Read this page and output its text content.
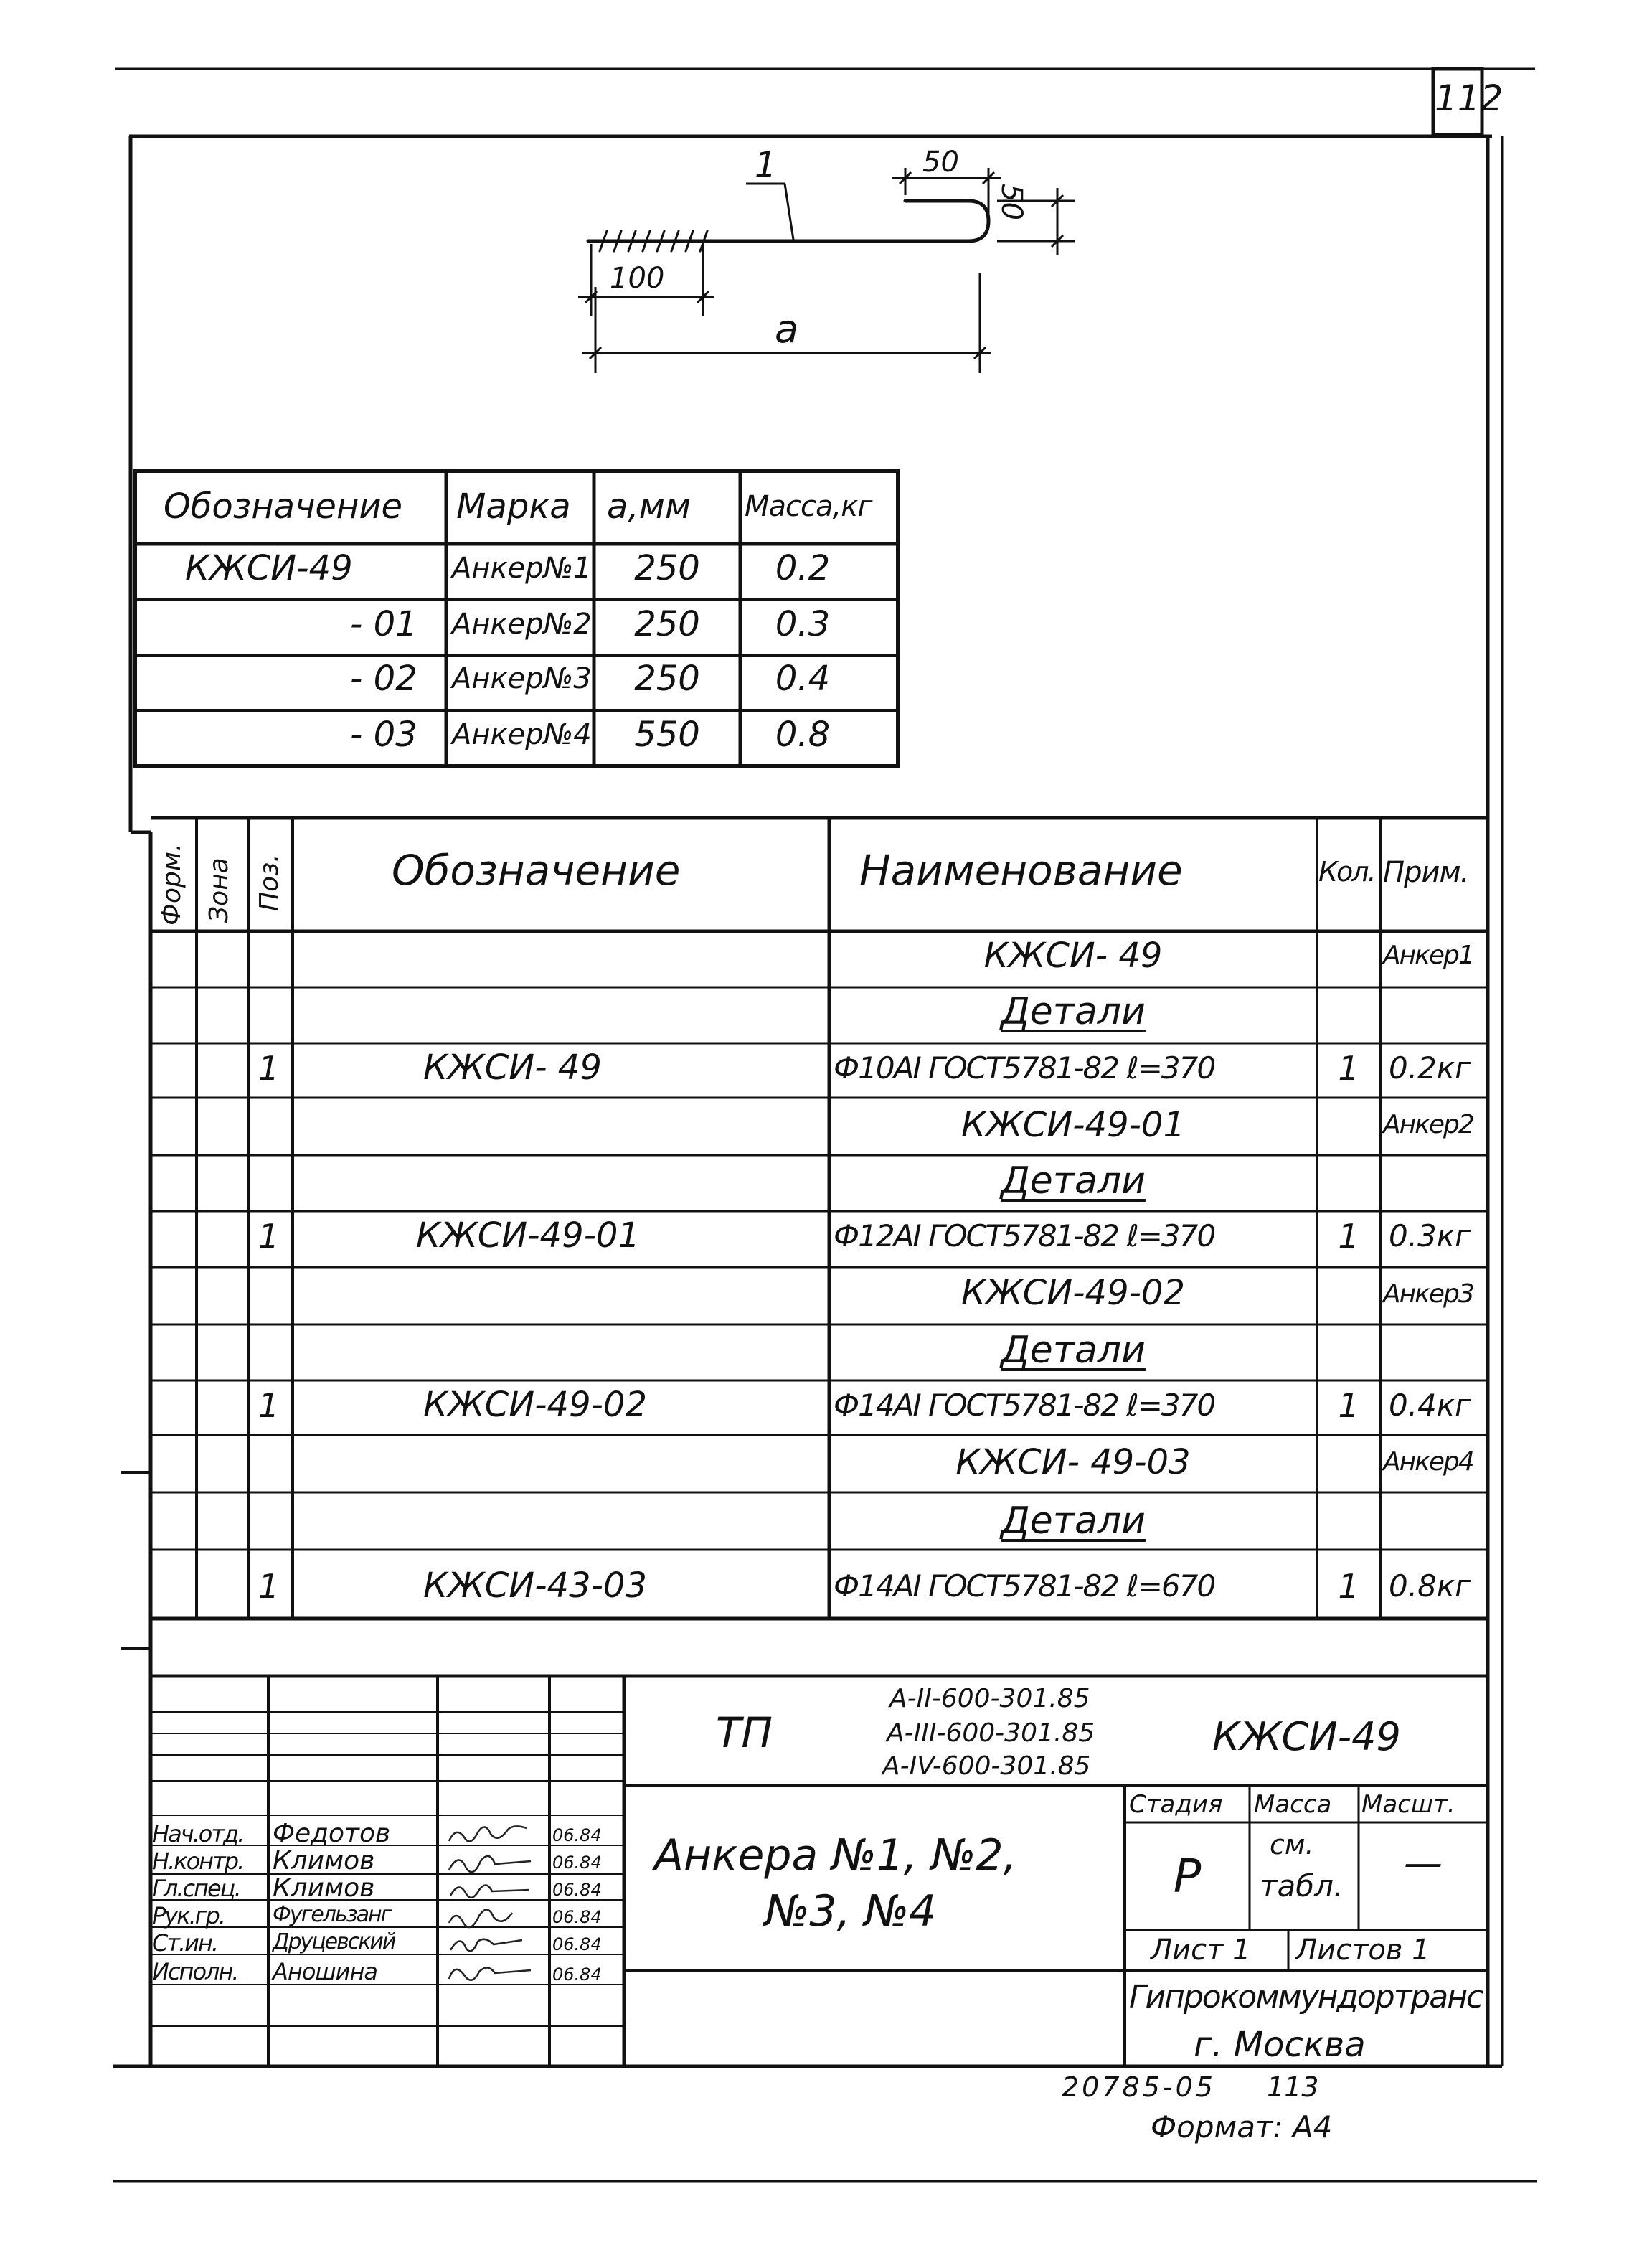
112
1	50
50
100
a
Обозначение Марка а,мм Масса,кг
КЖСИ-49	Анкер№1	250	0.2
- 01 Анкер№2	250	0.3
- 02 Анкер№3	250	0.4
- 03 Анкер№4	550	0.8
Форм. Зона Поз.	Обозначение	Наименование	Кол. Прим.
КЖСИ- 49	Анкер1
Детали
1	КЖСИ- 49	Ф10АI ГОСТ5781-82 ℓ=370	1 0.2кг
КЖСИ-49-01	Анкер2
Детали
1	КЖСИ-49-01	Ф12АI ГОСТ5781-82 ℓ=370	1 0.3кг
КЖСИ-49-02	Анкер3
Детали
1	КЖСИ-49-02	Ф14АI ГОСТ5781-82 ℓ=370	1 0.4кг
КЖСИ- 49-03	Анкер4
Детали
1	КЖСИ-43-03	Ф14АI ГОСТ5781-82 ℓ=670	1 0.8кг
ТП
А-II-600-301.85
А-III-600-301.85
А-IV-600-301.85
КЖСИ-49
Анкера №1, №2,
№3, №4
Стадия Масса Масшт.
Р
см.
табл.
—
Лист 1 Листов 1
Гипрокоммундортранс
г. Москва
Нач.отд. Федотов	06.84
Н.контр. Климов	06.84
Гл.спец. Климов	06.84
Рук.гр. Фугельзанг	06.84
Ст.ин.	Друцевский	06.84
Исполн. Аношина	06.84
20785-05 113
Формат: А4
